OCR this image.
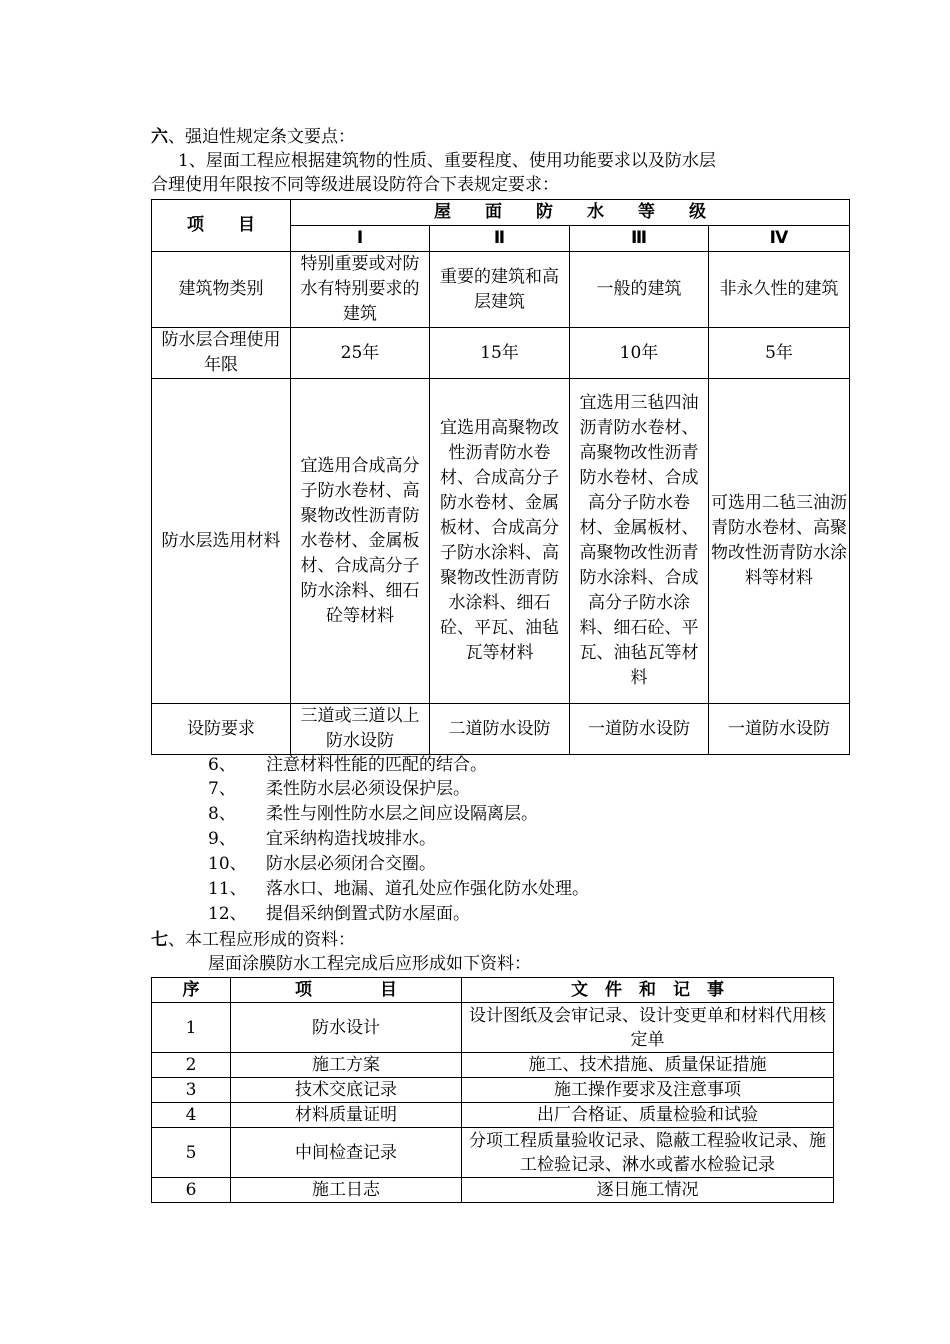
六、强迫性规定条文要点：
1、屋面工程应根据建筑物的性质、重要程度、使用功能要求以及防水层
合理使用年限按不同等级进展设防符合下表规定要求：
项　　目	屋　　面　　防　　水　　等　　级			
	Ⅰ	Ⅱ	Ⅲ	Ⅳ
建筑物类别	特别重要或对防水有特别要求的建筑	重要的建筑和高层建筑	一般的建筑	非永久性的建筑
防水层合理使用年限	25年	15年	10年	5年
防水层选用材料	宜选用合成高分子防水卷材、高聚物改性沥青防水卷材、金属板材、合成高分子防水涂料、细石砼等材料	宜选用高聚物改性沥青防水卷材、合成高分子防水卷材、金属板材、合成高分子防水涂料、高聚物改性沥青防水涂料、细石砼、平瓦、油毡瓦等材料	宜选用三毡四油沥青防水卷材、高聚物改性沥青防水卷材、合成高分子防水卷材、金属板材、高聚物改性沥青防水涂料、合成高分子防水涂料、细石砼、平瓦、油毡瓦等材料	可选用二毡三油沥青防水卷材、高聚物改性沥青防水涂料等材料
设防要求	三道或三道以上防水设防	二道防水设防	一道防水设防	一道防水设防
6、 注意材料性能的匹配的结合。
7、 柔性防水层必须设保护层。
8、 柔性与刚性防水层之间应设隔离层。
9、 宜采纳构造找坡排水。
10、 防水层必须闭合交圈。
11、 落水口、地漏、道孔处应作强化防水处理。
12、 提倡采纳倒置式防水屋面。
七、本工程应形成的资料：
屋面涂膜防水工程完成后应形成如下资料：
序	项　　　　目	文　件　和　记　事
1	防水设计	设计图纸及会审记录、设计变更单和材料代用核定单
2	施工方案	施工、技术措施、质量保证措施
3	技术交底记录	施工操作要求及注意事项
4	材料质量证明	出厂合格证、质量检验和试验
5	中间检查记录	分项工程质量验收记录、隐蔽工程验收记录、施工检验记录、淋水或蓄水检验记录
6	施工日志	逐日施工情况
